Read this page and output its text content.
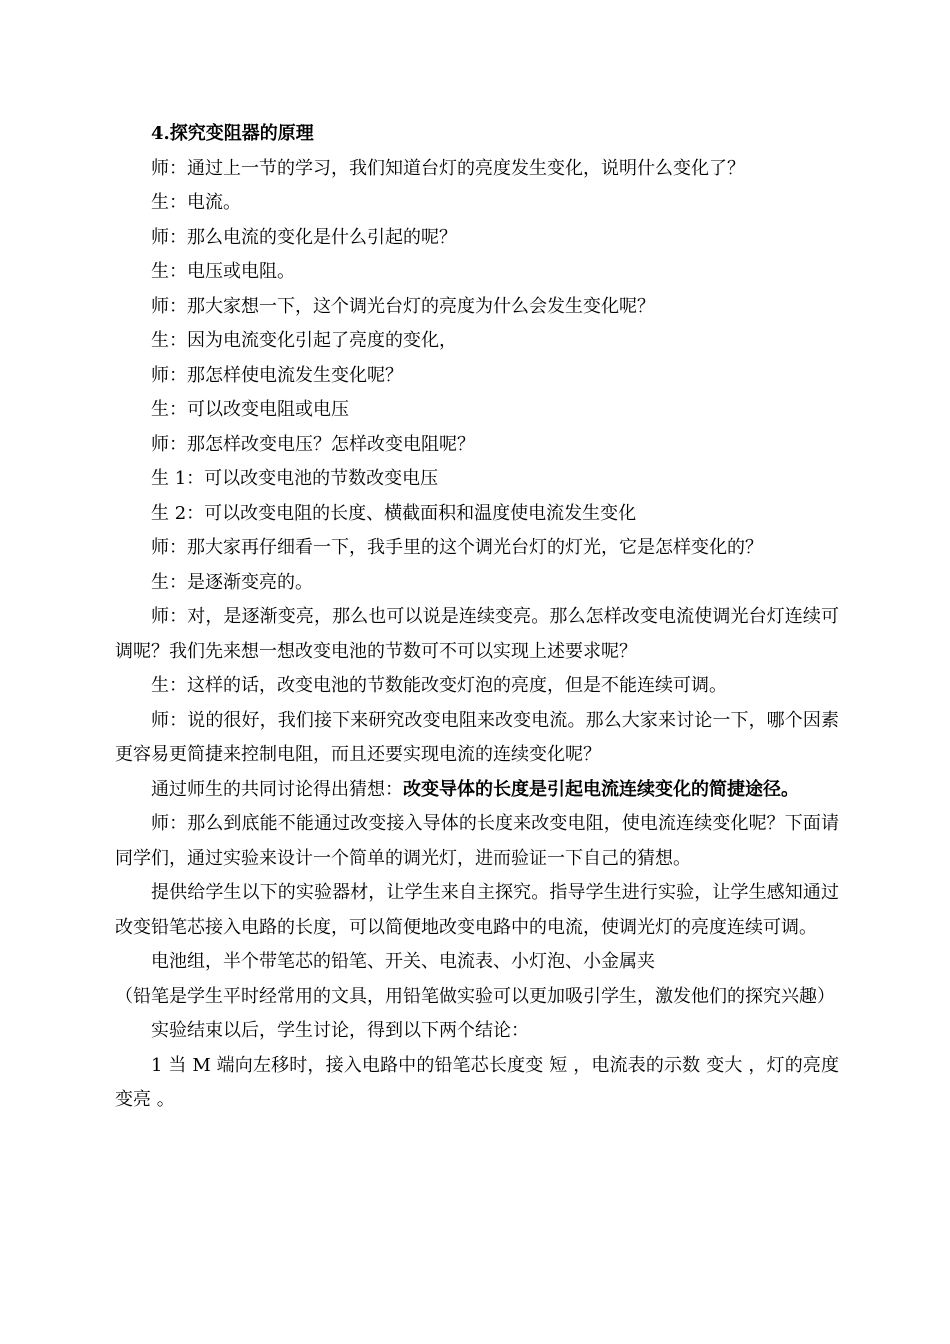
4.探究变阻器的原理
师：通过上一节的学习，我们知道台灯的亮度发生变化，说明什么变化了？
生：电流。
师：那么电流的变化是什么引起的呢？
生：电压或电阻。
师：那大家想一下，这个调光台灯的亮度为什么会发生变化呢？
生：因为电流变化引起了亮度的变化，
师：那怎样使电流发生变化呢？
生：可以改变电阻或电压
师：那怎样改变电压？怎样改变电阻呢？
生 1：可以改变电池的节数改变电压
生 2：可以改变电阻的长度、横截面积和温度使电流发生变化
师：那大家再仔细看一下，我手里的这个调光台灯的灯光，它是怎样变化的？
生：是逐渐变亮的。
师：对，是逐渐变亮，那么也可以说是连续变亮。那么怎样改变电流使调光台灯连续可调呢？我们先来想一想改变电池的节数可不可以实现上述要求呢？
生：这样的话，改变电池的节数能改变灯泡的亮度，但是不能连续可调。
师：说的很好，我们接下来研究改变电阻来改变电流。那么大家来讨论一下，哪个因素更容易更简捷来控制电阻，而且还要实现电流的连续变化呢？
通过师生的共同讨论得出猜想：改变导体的长度是引起电流连续变化的简捷途径。
师：那么到底能不能通过改变接入导体的长度来改变电阻，使电流连续变化呢？下面请同学们，通过实验来设计一个简单的调光灯，进而验证一下自己的猜想。
提供给学生以下的实验器材，让学生来自主探究。指导学生进行实验，让学生感知通过改变铅笔芯接入电路的长度，可以简便地改变电路中的电流，使调光灯的亮度连续可调。
电池组，半个带笔芯的铅笔、开关、电流表、小灯泡、小金属夹
（铅笔是学生平时经常用的文具，用铅笔做实验可以更加吸引学生，激发他们的探究兴趣）
实验结束以后，学生讨论，得到以下两个结论：
1 当 M 端向左移时，接入电路中的铅笔芯长度变 短 ，电流表的示数 变大 ，灯的亮度 变亮 。
